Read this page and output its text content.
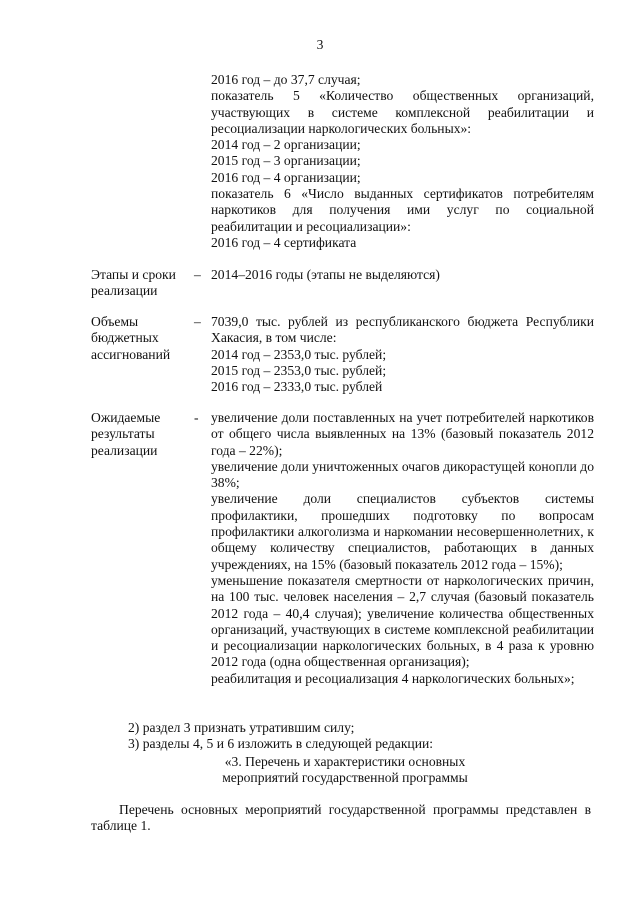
3

2016 год – до 37,7 случая;

показатель 5 «Количество общественных организаций, участвующих в системе комплексной реабилитации и ресоциализации наркологических больных»:

2014 год – 2 организации;

2015 год – 3 организации;

2016 год – 4 организации;

показатель 6 «Число выданных сертификатов потребителям наркотиков для получения ими услуг по социальной реабилитации и ресоциализации»:

2016 год – 4 сертификата

Этапы и сроки реализации
– 2014–2016 годы (этапы не выделяются)

Объемы бюджетных ассигнований
– 7039,0 тыс. рублей из республиканского бюджета Республики Хакасия, в том числе:

2014 год – 2353,0 тыс. рублей;

2015 год – 2353,0 тыс. рублей;

2016 год – 2333,0 тыс. рублей

Ожидаемые результаты реализации
- увеличение доли поставленных на учет потребителей наркотиков от общего числа выявленных на 13% (базовый показатель 2012 года – 22%);

увеличение доли уничтоженных очагов дикорастущей конопли до 38%;

увеличение доли специалистов субъектов системы профилактики, прошедших подготовку по вопросам профилактики алкоголизма и наркомании несовершеннолетних, к общему количеству специалистов, работающих в данных учреждениях, на 15% (базовый показатель 2012 года – 15%);

уменьшение показателя смертности от наркологических причин, на 100 тыс. человек населения – 2,7 случая (базовый показатель 2012 года – 40,4 случая); увеличение количества общественных организаций, участвующих в системе комплексной реабилитации и ресоциализации наркологических больных, в 4 раза к уровню 2012 года (одна общественная организация);

реабилитация и ресоциализация 4 наркологических больных»;

2) раздел 3 признать утратившим силу;

3) разделы 4, 5 и 6 изложить в следующей редакции:

«3. Перечень и характеристики основных мероприятий государственной программы

Перечень основных мероприятий государственной программы представлен в таблице 1.
